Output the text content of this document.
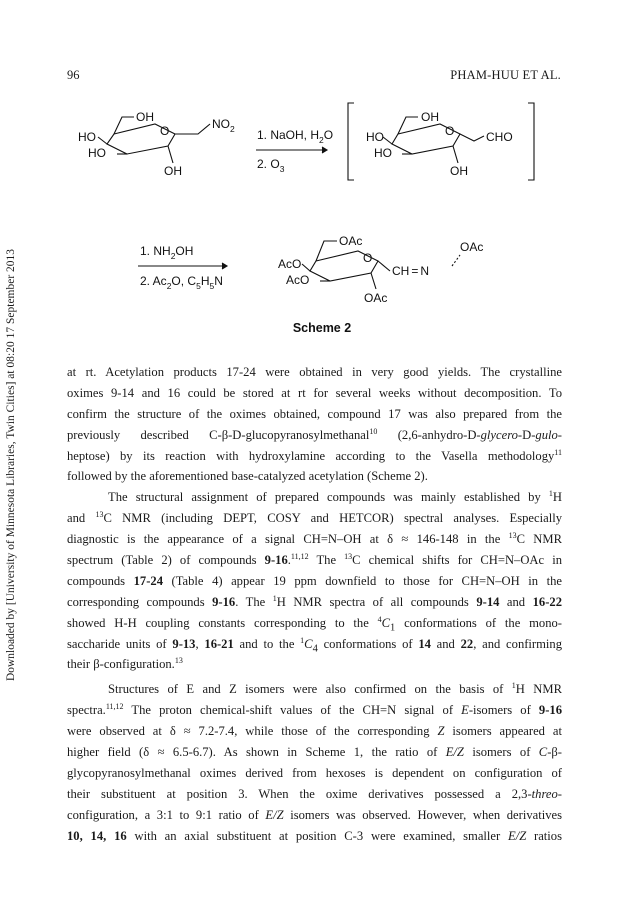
Downloaded by [University of Minnesota Libraries, Twin Cities] at 08:20 17 September 2013
96	PHAM-HUU ET AL.
OH
HO
HO
OH
O	$NO_2$ 1. NaOH, $H_2O$
2. $O_3$
OH
HO
HO
OH
O	CHO
1. $NH_2OH$
2. $Ac_2O$, $C_5H_5N$
OAc
AcO
AcO
OAc
O
CH = N
OAc
Scheme 2
at rt. Acetylation products 17-24 were obtained in very good yields. The crystalline
oximes 9-14 and 16 could be stored at rt for several weeks without decomposition. To
confirm the structure of the oximes obtained, compound 17 was also prepared from the
previously described C-β-D-glucopyranosylmethanal$^{10}$ (2,6-anhydro-D-glycero-D-gulo-
heptose) by its reaction with hydroxylamine according to the Vasella methodology$^{11}$
followed by the aforementioned base-catalyzed acetylation (Scheme 2).
The structural assignment of prepared compounds was mainly established by $^1$H
and $^{13}$C NMR (including DEPT, COSY and HETCOR) spectral analyses. Especially
diagnostic is the appearance of a signal CH=N–OH at δ ≈ 146-148 in the $^{13}$C NMR
spectrum (Table 2) of compounds 9-16.$^{11,12}$ The $^{13}$C chemical shifts for CH=N–OAc in
compounds 17-24 (Table 4) appear 19 ppm downfield to those for CH=N–OH in the
corresponding compounds 9-16. The $^1$H NMR spectra of all compounds 9-14 and 16-22
showed H-H coupling constants corresponding to the $^4C_1$ conformations of the mono-
saccharide units of 9-13, 16-21 and to the $^1C_4$ conformations of 14 and 22, and confirming
their β-configuration.$^{13}$
Structures of E and Z isomers were also confirmed on the basis of $^1$H NMR
spectra.$^{11,12}$ The proton chemical-shift values of the CH=N signal of E-isomers of 9-16
were observed at δ ≈ 7.2-7.4, while those of the corresponding Z isomers appeared at
higher field (δ ≈ 6.5-6.7). As shown in Scheme 1, the ratio of E/Z isomers of C-β-
glycopyranosylmethanal oximes derived from hexoses is dependent on configuration of
their substituent at position 3. When the oxime derivatives possessed a 2,3-threo-
configuration, a 3:1 to 9:1 ratio of E/Z isomers was observed. However, when derivatives
10, 14, 16 with an axial substituent at position C-3 were examined, smaller E/Z ratios
